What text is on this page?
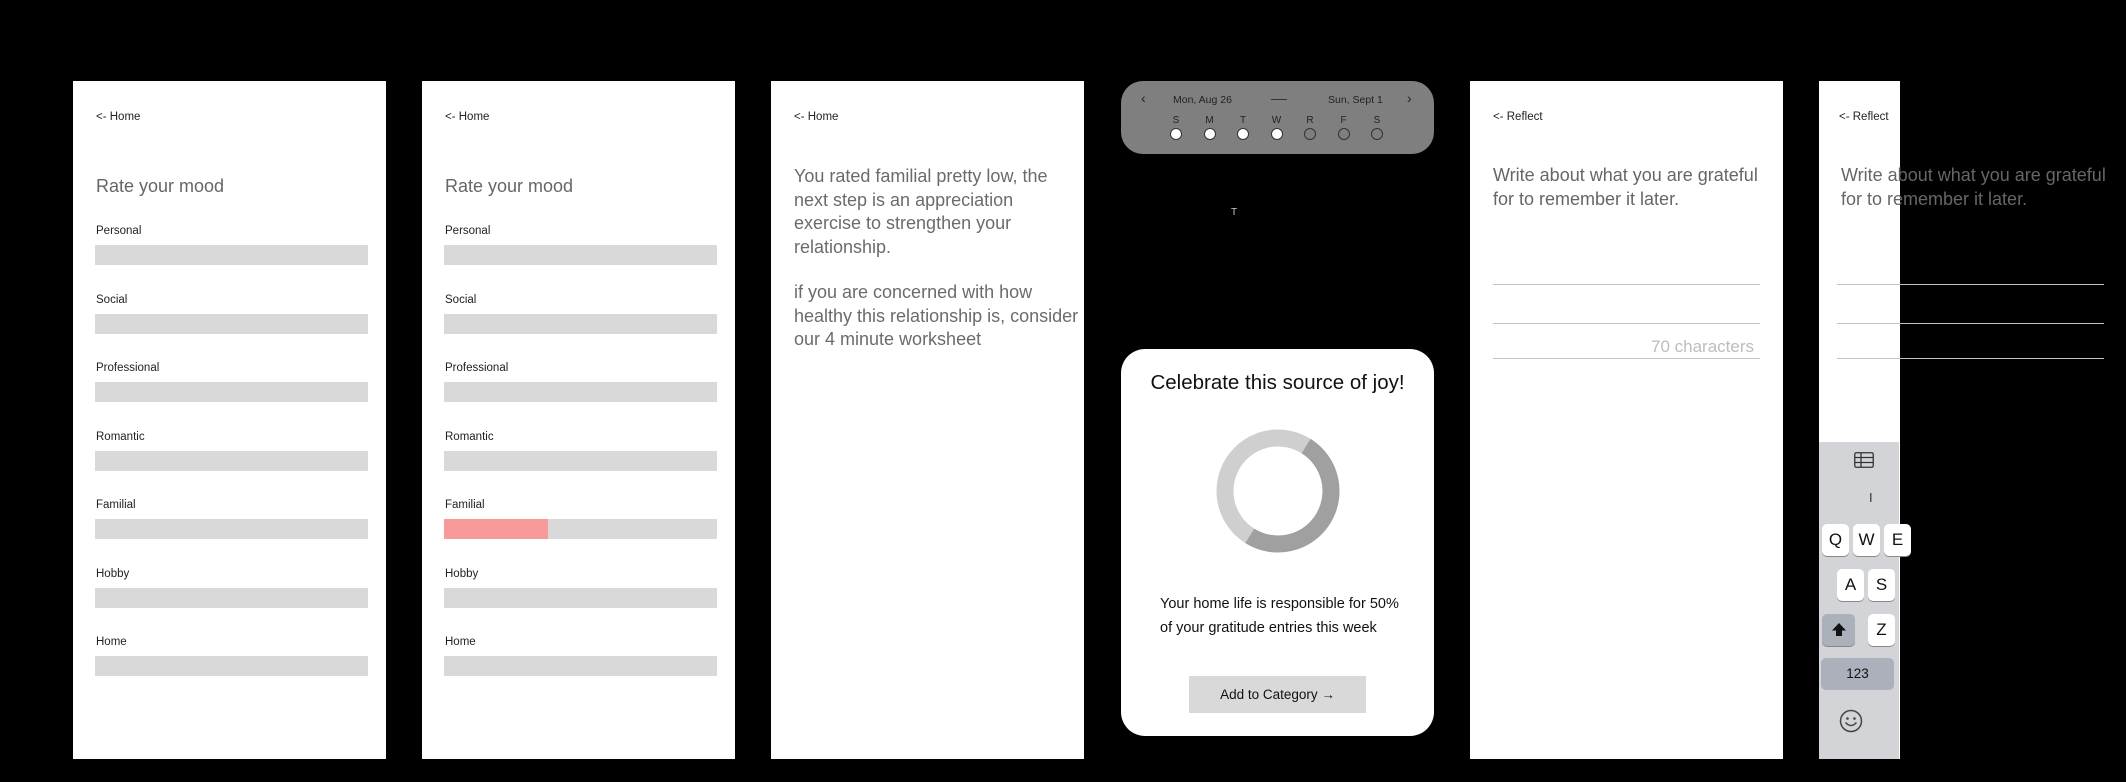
<- Home
Rate your mood
Personal
Social
Professional
Romantic
Familial
Hobby
Home
<- Home
Rate your mood
Personal
Social
Professional
Romantic
Familial
Hobby
Home
<- Home

You rated familial pretty low, the next step is an appreciation exercise to strengthen your relationship.

if you are concerned with how healthy this relationship is, consider our 4 minute worksheet

‹	Mon, Aug 26	Sun, Sept 1 ›
S	M	T	W	R	F	S
T
Celebrate this source of joy!

Your home life is responsible for 50% of your gratitude entries this week

Add to Category →
<- Reflect

Write about what you are grateful for to remember it later.

70 characters
<- Reflect

Write about what you are grateful for to remember it later.

I
Q W	E
A	S
Z
123
